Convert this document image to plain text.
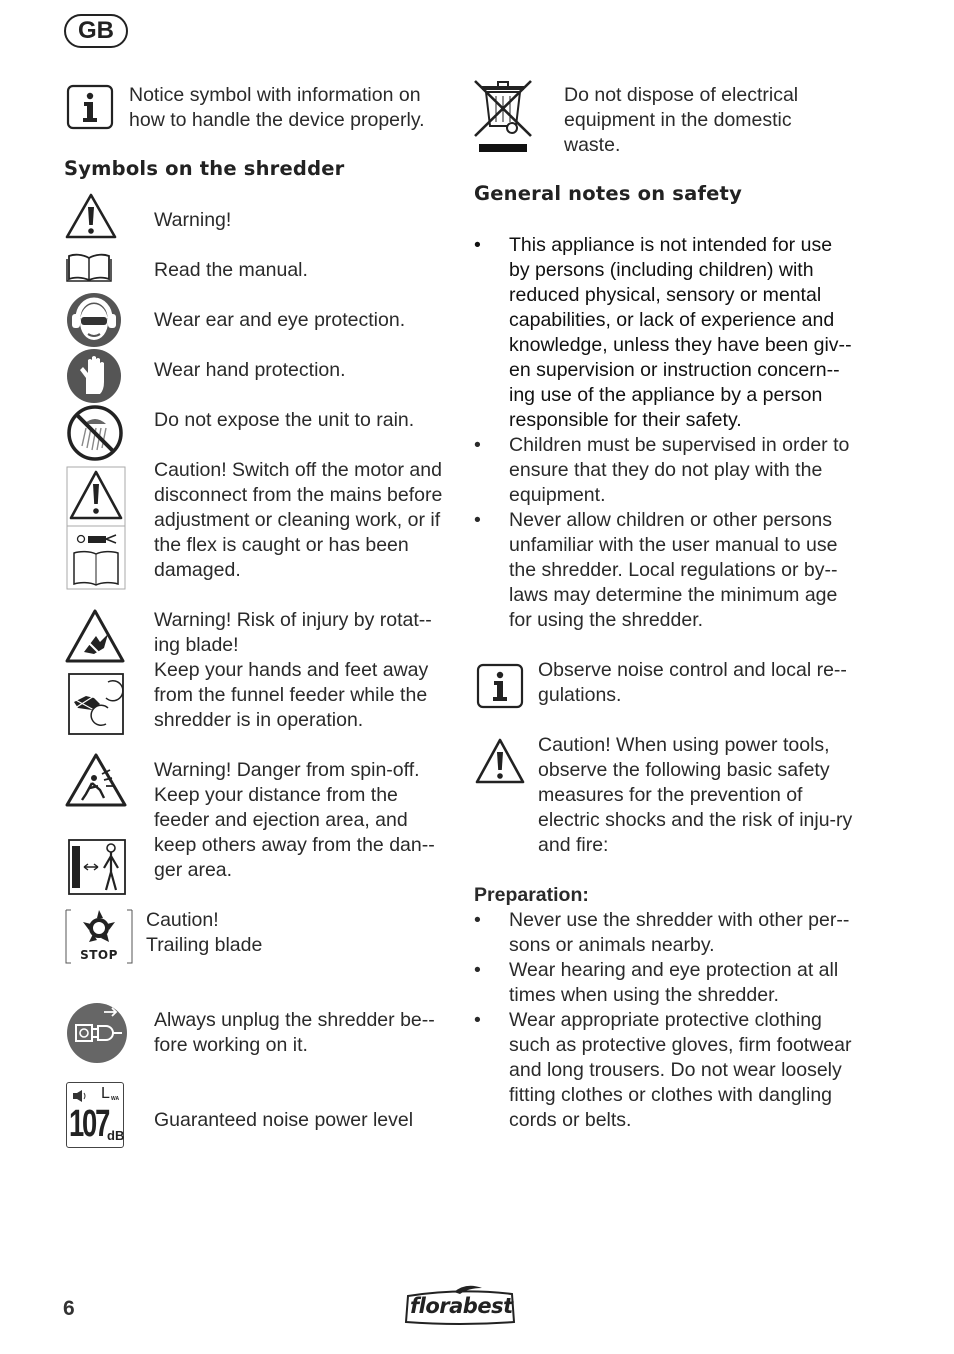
GB
Notice symbol with information on how to handle the device properly.
Symbols on the shredder
Warning!
Read the manual.
Wear ear and eye protection.
Wear hand protection.
Do not expose the unit to rain.
Caution! Switch off the motor and disconnect from the mains before adjustment or cleaning work, or if the flex is caught or has been damaged.
Warning! Risk of injury by rotat-ing blade!
Keep your hands and feet away from the funnel feeder while the shredder is in operation.
Warning! Danger from spin-off. Keep your distance from the feeder and ejection area, and keep others away from the dan-ger area.
STOP
Caution!
Trailing blade
Always unplug the shredder be-fore working on it.
L WA
107
dB
Guaranteed noise power level
Do not dispose of electrical equipment in the domestic waste.
General notes on safety
• This appliance is not intended for use by persons (including children) with reduced physical, sensory or mental capabilities, or lack of experience and knowledge, unless they have been giv-en supervision or instruction concern-ing use of the appliance by a person responsible for their safety.
• Children must be supervised in order to ensure that they do not play with the equipment.
• Never allow children or other persons unfamiliar with the user manual to use the shredder. Local regulations or by-laws may determine the minimum age for using the shredder.
Observe noise control and local re-gulations.
Caution! When using power tools, observe the following basic safety measures for the prevention of electric shocks and the risk of inju-ry and fire:
Preparation:
• Never use the shredder with other per-sons or animals nearby.
• Wear hearing and eye protection at all times when using the shredder.
• Wear appropriate protective clothing such as protective gloves, firm footwear and long trousers. Do not wear loosely fitting clothes or clothes with dangling cords or belts.
6	florabest
